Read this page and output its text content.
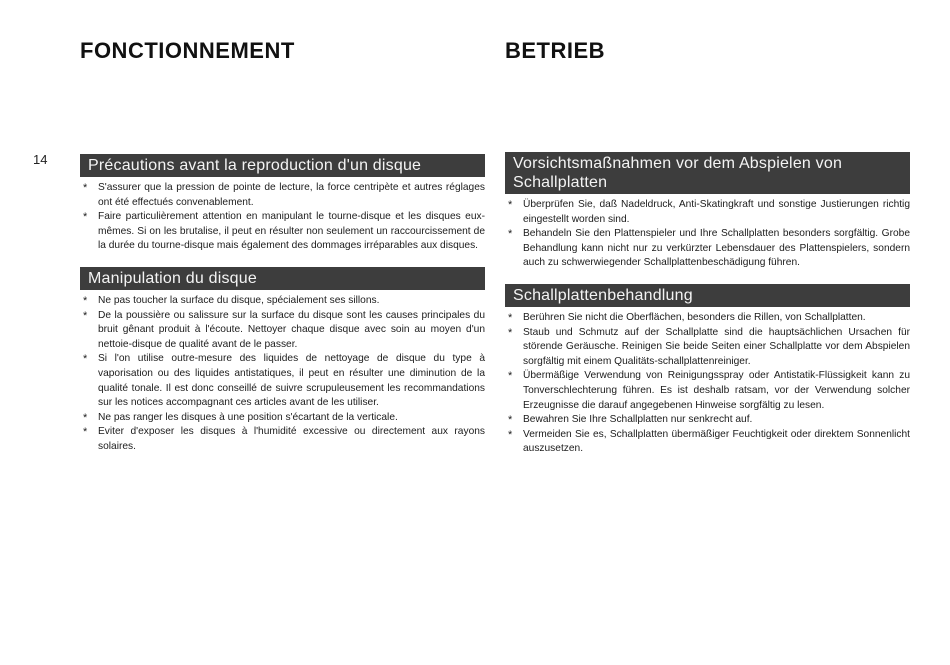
FONCTIONNEMENT	BETRIEB
14	Précautions avant la reproduction d'un disque
* S'assurer que la pression de pointe de lecture, la force centripète et autres réglages ont été effectués convenablement.
* Faire particulièrement attention en manipulant le tourne-disque et les disques eux-mêmes. Si on les brutalise, il peut en résulter non seulement un raccourcissement de la durée du tourne-disque mais également des dommages irréparables aux disques.
Manipulation du disque
* Ne pas toucher la surface du disque, spécialement ses sillons.
* De la poussière ou salissure sur la surface du disque sont les causes principales du bruit gênant produit à l'écoute. Nettoyer chaque disque avec soin au moyen d'un nettoie-disque de qualité avant de le passer.
* Si l'on utilise outre-mesure des liquides de nettoyage de disque du type à vaporisation ou des liquides antistatiques, il peut en résulter une diminution de la qualité tonale. Il est donc conseillé de suivre scrupuleusement les recommandations sur les notices accompagnant ces articles avant de les utiliser.
* Ne pas ranger les disques à une position s'écartant de la verticale.
* Eviter d'exposer les disques à l'humidité excessive ou directement aux rayons solaires.
Vorsichtsmaßnahmen vor dem Abspielen von Schallplatten
* Überprüfen Sie, daß Nadeldruck, Anti-Skatingkraft und sonstige Justierungen richtig eingestellt worden sind.
* Behandeln Sie den Plattenspieler und Ihre Schallplatten besonders sorgfältig. Grobe Behandlung kann nicht nur zu verkürzter Lebensdauer des Plattenspielers, sondern auch zu schwerwiegender Schallplattenbeschädigung führen.
Schallplattenbehandlung
* Berühren Sie nicht die Oberflächen, besonders die Rillen, von Schallplatten.
* Staub und Schmutz auf der Schallplatte sind die hauptsächlichen Ursachen für störende Geräusche. Reinigen Sie beide Seiten einer Schallplatte vor dem Abspielen sorgfältig mit einem Qualitäts-schallplattenreiniger.
* Übermäßige Verwendung von Reinigungsspray oder Antistatik-Flüssigkeit kann zu Tonverschlechterung führen. Es ist deshalb ratsam, vor der Verwendung solcher Erzeugnisse die darauf angegebenen Hinweise sorgfältig zu lesen.
* Bewahren Sie Ihre Schallplatten nur senkrecht auf.
* Vermeiden Sie es, Schallplatten übermäßiger Feuchtigkeit oder direktem Sonnenlicht auszusetzen.
